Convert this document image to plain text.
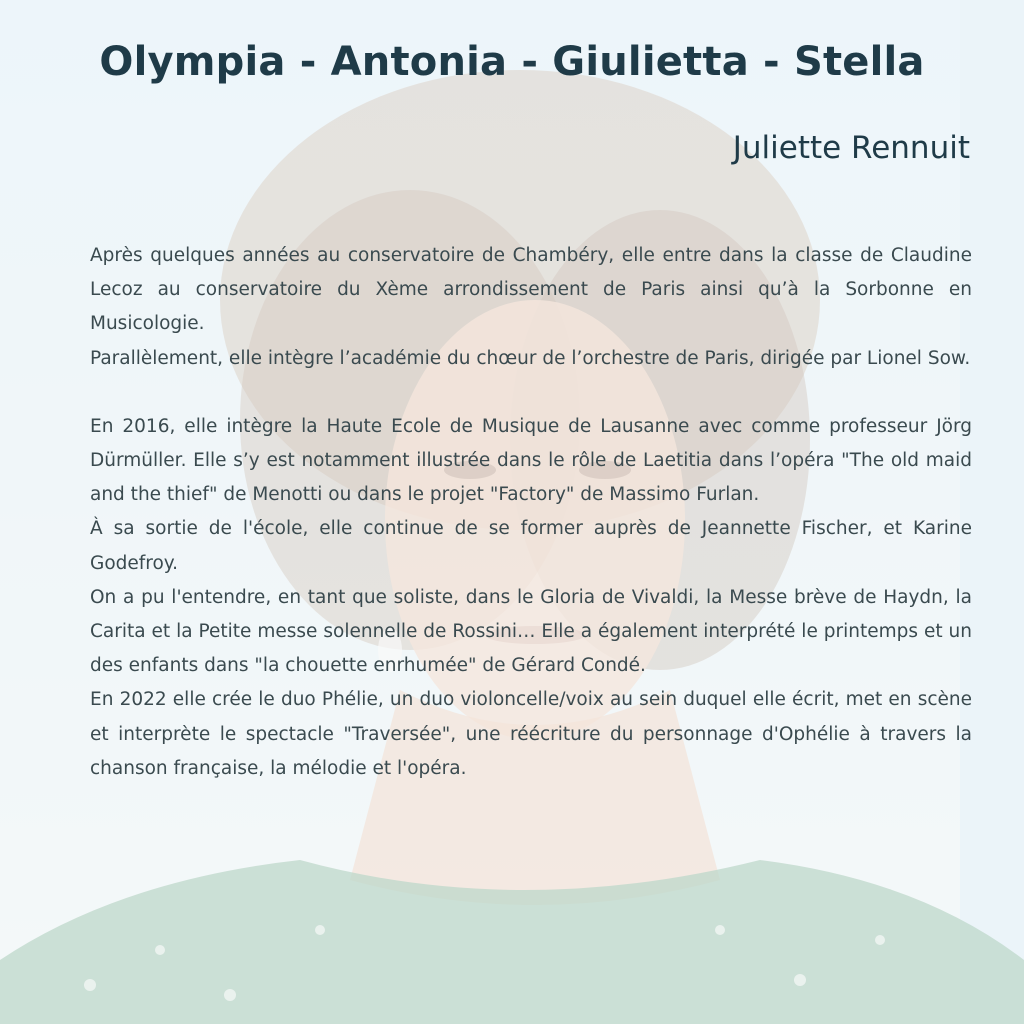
Olympia - Antonia - Giulietta - Stella
Juliette Rennuit

Après quelques années au conservatoire de Chambéry, elle entre dans la classe de Claudine Lecoz au conservatoire du Xème arrondissement de Paris ainsi qu’à la Sorbonne en Musicologie.

Parallèlement, elle intègre l’académie du chœur de l’orchestre de Paris, dirigée par Lionel Sow.

En 2016, elle intègre la Haute Ecole de Musique de Lausanne avec comme professeur Jörg Dürmüller. Elle s’y est notamment illustrée dans le rôle de Laetitia dans l’opéra "The old maid and the thief" de Menotti ou dans le projet "Factory" de Massimo Furlan.

À sa sortie de l'école, elle continue de se former auprès de Jeannette Fischer, et Karine Godefroy.

On a pu l'entendre, en tant que soliste, dans le Gloria de Vivaldi, la Messe brève de Haydn, la Carita et la Petite messe solennelle de Rossini… Elle a également interprété le printemps et un des enfants dans "la chouette enrhumée" de Gérard Condé.

En 2022 elle crée le duo Phélie, un duo violoncelle/voix au sein duquel elle écrit, met en scène et interprète le spectacle "Traversée", une réécriture du personnage d'Ophélie à travers la chanson française, la mélodie et l'opéra.
